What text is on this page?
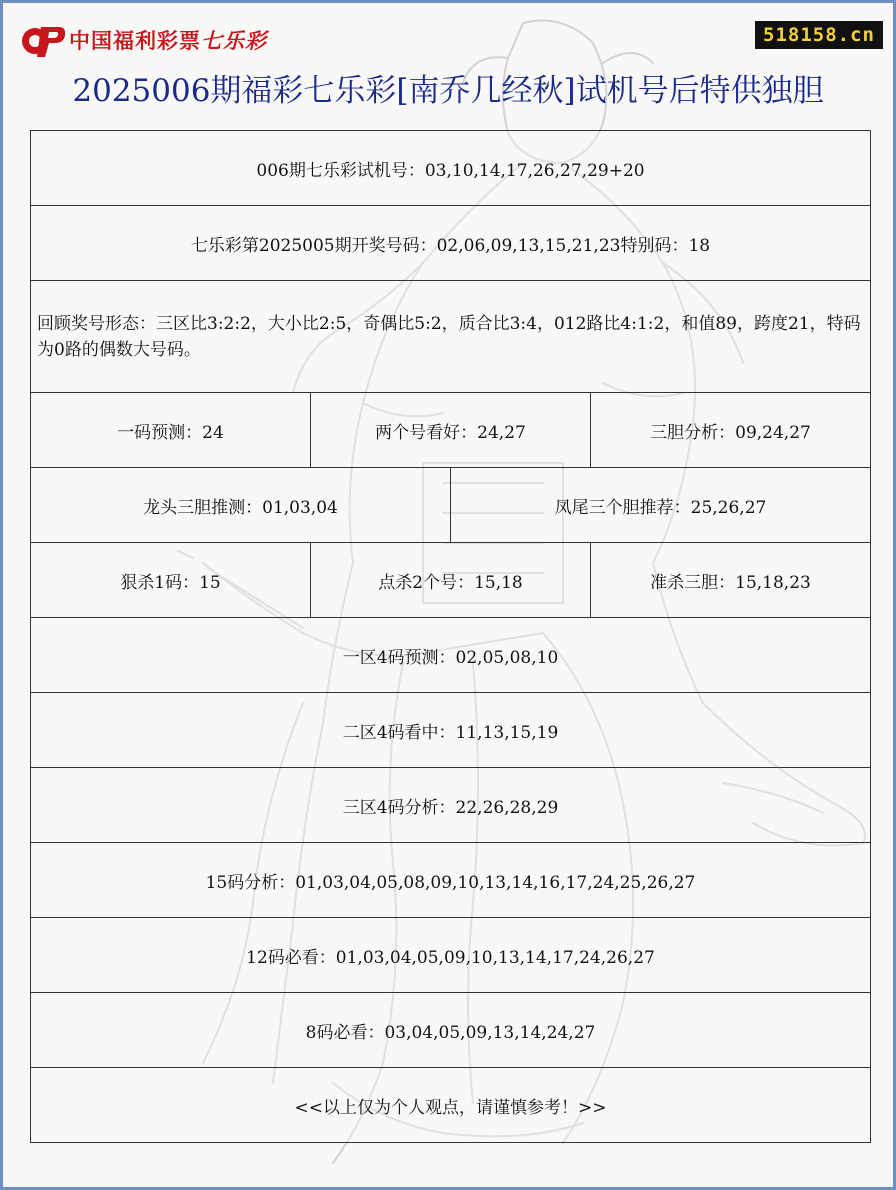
中国福利彩票七乐彩	518158.cn
2025006期福彩七乐彩[南乔几经秋]试机号后特供独胆
006期七乐彩试机号：03,10,14,17,26,27,29+20
七乐彩第2025005期开奖号码：02,06,09,13,15,21,23特别码：18
回顾奖号形态：三区比3:2:2，大小比2:5，奇偶比5:2，质合比3:4，012路比4:1:2，和值89，跨度21，特码为0路的偶数大号码。
一码预测：24	两个号看好：24,27	三胆分析：09,24,27
龙头三胆推测：01,03,04	凤尾三个胆推荐：25,26,27
狠杀1码：15	点杀2个号：15,18	准杀三胆：15,18,23
一区4码预测：02,05,08,10
二区4码看中：11,13,15,19
三区4码分析：22,26,28,29
15码分析：01,03,04,05,08,09,10,13,14,16,17,24,25,26,27
12码必看：01,03,04,05,09,10,13,14,17,24,26,27
8码必看：03,04,05,09,13,14,24,27
<<以上仅为个人观点，请谨慎参考！>>
